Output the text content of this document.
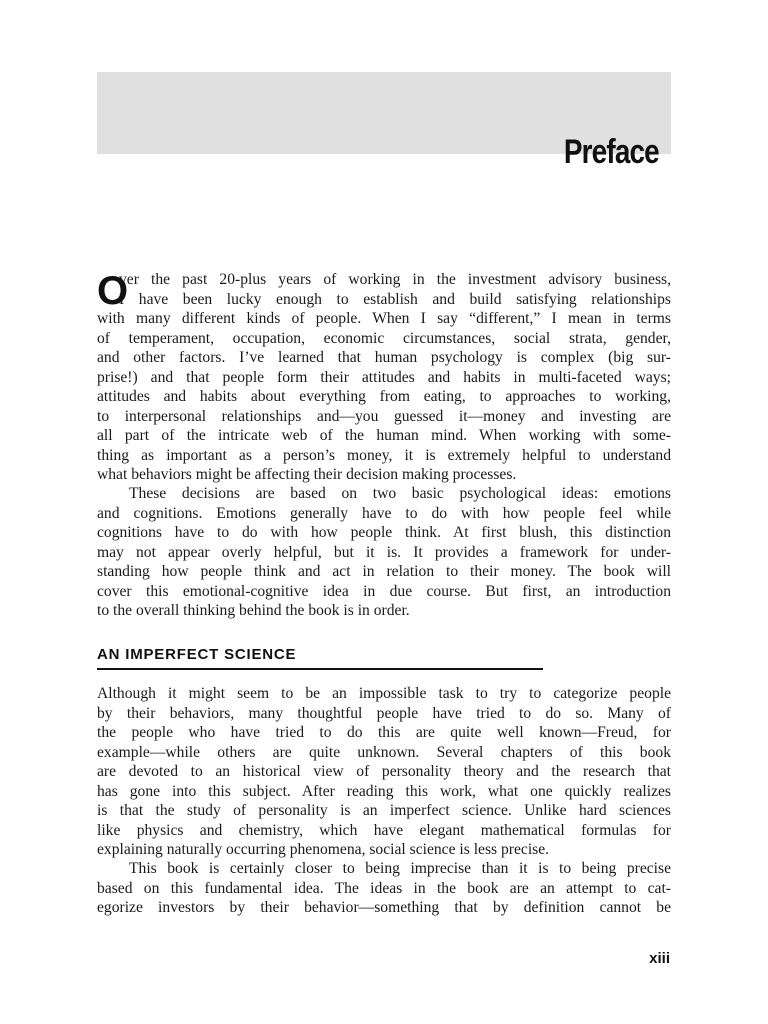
Preface
O
ver the past 20-plus years of working in the investment advisory business,
I have been lucky enough to establish and build satisfying relationships
with many different kinds of people. When I say “different,” I mean in terms
of temperament, occupation, economic circumstances, social strata, gender,
and other factors. I’ve learned that human psychology is complex (big sur-
prise!) and that people form their attitudes and habits in multi-faceted ways;
attitudes and habits about everything from eating, to approaches to working,
to interpersonal relationships and—you guessed it—money and investing are
all part of the intricate web of the human mind. When working with some-
thing as important as a person’s money, it is extremely helpful to understand
what behaviors might be affecting their decision making processes.
These decisions are based on two basic psychological ideas: emotions
and cognitions. Emotions generally have to do with how people feel while
cognitions have to do with how people think. At first blush, this distinction
may not appear overly helpful, but it is. It provides a framework for under-
standing how people think and act in relation to their money. The book will
cover this emotional-cognitive idea in due course. But first, an introduction
to the overall thinking behind the book is in order.
AN IMPERFECT SCIENCE
Although it might seem to be an impossible task to try to categorize people
by their behaviors, many thoughtful people have tried to do so. Many of
the people who have tried to do this are quite well known—Freud, for
example—while others are quite unknown. Several chapters of this book
are devoted to an historical view of personality theory and the research that
has gone into this subject. After reading this work, what one quickly realizes
is that the study of personality is an imperfect science. Unlike hard sciences
like physics and chemistry, which have elegant mathematical formulas for
explaining naturally occurring phenomena, social science is less precise.
This book is certainly closer to being imprecise than it is to being precise
based on this fundamental idea. The ideas in the book are an attempt to cat-
egorize investors by their behavior—something that by definition cannot be
xiii
